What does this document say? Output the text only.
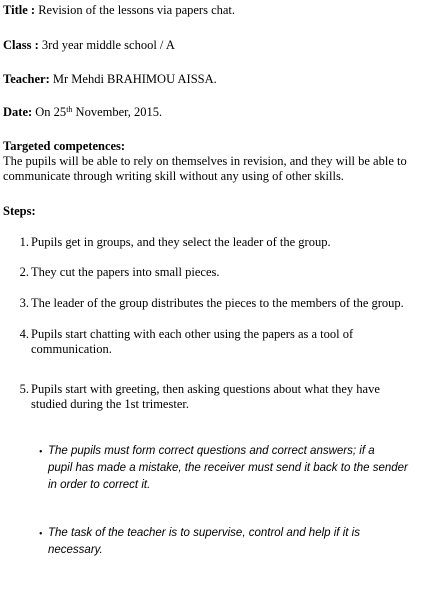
Title : Revision of the lessons via papers chat.
Class : 3rd year middle school / A
Teacher: Mr Mehdi BRAHIMOU AISSA.
Date: On 25th November, 2015.
Targeted competences:
The pupils will be able to rely on themselves in revision, and they will be able to
communicate through writing skill without any using of other skills.
Steps:
1. Pupils get in groups, and they select the leader of the group.
2. They cut the papers into small pieces.
3. The leader of the group distributes the pieces to the members of the group.
4. Pupils start chatting with each other using the papers as a tool of
communication.
5. Pupils start with greeting, then asking questions about what they have
studied during the 1st trimester.
• The pupils must form correct questions and correct answers; if a
pupil has made a mistake, the receiver must send it back to the sender
in order to correct it.
• The task of the teacher is to supervise, control and help if it is
necessary.
